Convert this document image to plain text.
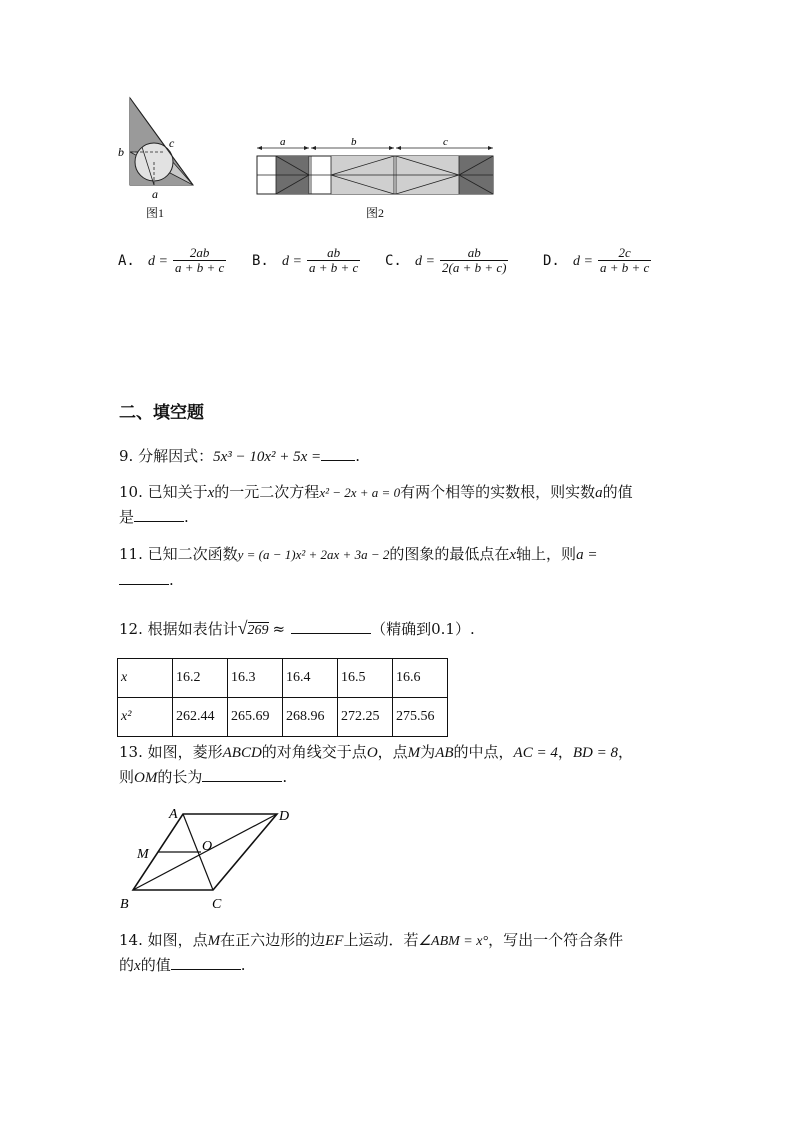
b
c
a
图1
a	b	c
图2
A. $d = \frac{2ab}{a + b + c} B$. $d = \frac{ab}{a + b + c} C$. $d = \frac{ab}{2(a + b + c)} D$. $d = \frac{2c}{a + b + c}$
二、填空题
9. 分解因式：5x³ − 10x² + 5x = .
10. 已知关于x的一元二次方程x² − 2x + a = 0有两个相等的实数根，则实数a的值
是	.
11. 已知二次函数y = (a − 1)x² + 2ax + 3a − 2的图象的最低点在x轴上，则a =
.
12. 根据如表估计√269 ≈	（精确到0.1）.
x	16.2	16.3	16.4	16.5	16.6
x²	262.44	265.69	268.96	272.25	275.56
13. 如图，菱形ABCD的对角线交于点O，点M为AB的中点，AC = 4，BD = 8，
则OM的长为	.
A	D
M
O
B	C
14. 如图，点M在正六边形的边EF上运动．若∠ABM = x°，写出一个符合条件
的x的值	.
